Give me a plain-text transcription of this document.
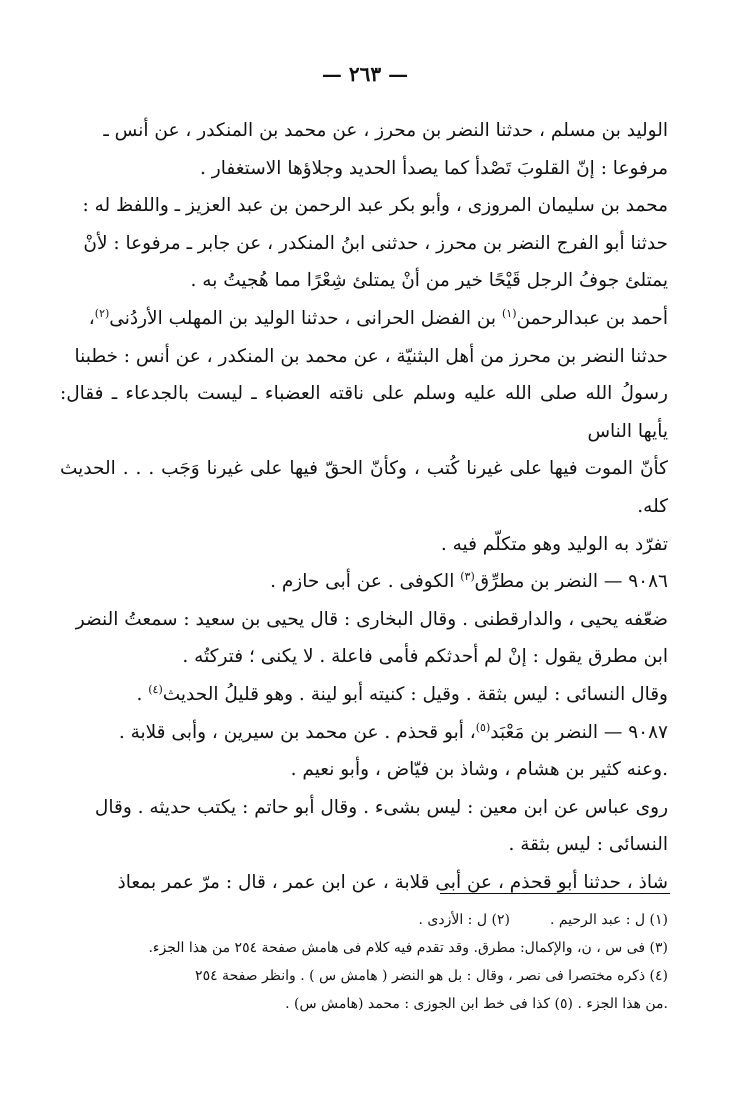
— ٢٦٣ —

الوليد بن مسلم ، حدثنا النضر بن محرز ، عن محمد بن المنكدر ، عن أنس ـ

مرفوعا : إنّ القلوبَ تَصْدأ كما يصدأ الحديد وجلاؤها الاستغفار .

محمد بن سليمان المروزى ، وأبو بكر عبد الرحمن بن عبد العزيز ـ واللفظ له :

حدثنا أبو الفرج النضر بن محرز ، حدثنى ابنُ المنكدر ، عن جابر ـ مرفوعا : لأنْ

يمتلئ جوفُ الرجل قَيْحًا خير من أنْ يمتلئ شِعْرًا مما هُجيتُ به .

أحمد بن عبدالرحمن$^{(١)}$ بن الفضل الحرانى ، حدثنا الوليد بن المهلب الأردُنى$^{(٢)}$،

حدثنا النضر بن محرز من أهل البثنيّة ، عن محمد بن المنكدر ، عن أنس : خطبنا

رسولُ الله صلى الله عليه وسلم على ناقته العضباء ـ ليست بالجدعاء ـ فقال: يأيها الناس

كأنّ الموت فيها على غيرنا كُتب ، وكأنّ الحقّ فيها على غيرنا وَجَب . . . الحديث كله.

تفرّد به الوليد وهو متكلّم فيه .

٩٠٨٦ — النضر بن مطرِّق$^{(٣)}$ الكوفى . عن أبى حازم .

ضعّفه يحيى ، والدارقطنى . وقال البخارى : قال يحيى بن سعيد : سمعتُ النضر

ابن مطرق يقول : إنْ لم أحدثكم فأمى فاعلة . لا يكنى ؛ فتركتُه .

وقال النسائى : ليس بثقة . وقيل : كنيته أبو لينة . وهو قليلُ الحديث$^{(٤)}$ .

٩٠٨٧ — النضر بن مَعْبَد$^{(٥)}$، أبو قحذم . عن محمد بن سيرين ، وأبى قلابة .

.وعنه كثير بن هشام ، وشاذ بن فيّاض ، وأبو نعيم .

روى عباس عن ابن معين : ليس بشىء . وقال أبو حاتم : يكتب حديثه . وقال

النسائى : ليس بثقة .

شاذ ، حدثنا أبو قحذم ، عن أبى قلابة ، عن ابن عمر ، قال : مرّ عمر بمعاذ

(١) ل : عبد الرحيم .(٢) ل : الأزدى .

(٣) فى س ، ن، والإكمال: مطرق. وقد تقدم فيه كلام فى هامش صفحة ٢٥٤ من هذا الجزء.

(٤) ذكره مختصرا فى نصر ، وقال : بل هو النضر ( هامش س ) . وانظر صفحة ٢٥٤

.من هذا الجزء . (٥) كذا فى خط ابن الجوزى : محمد (هامش س) .
